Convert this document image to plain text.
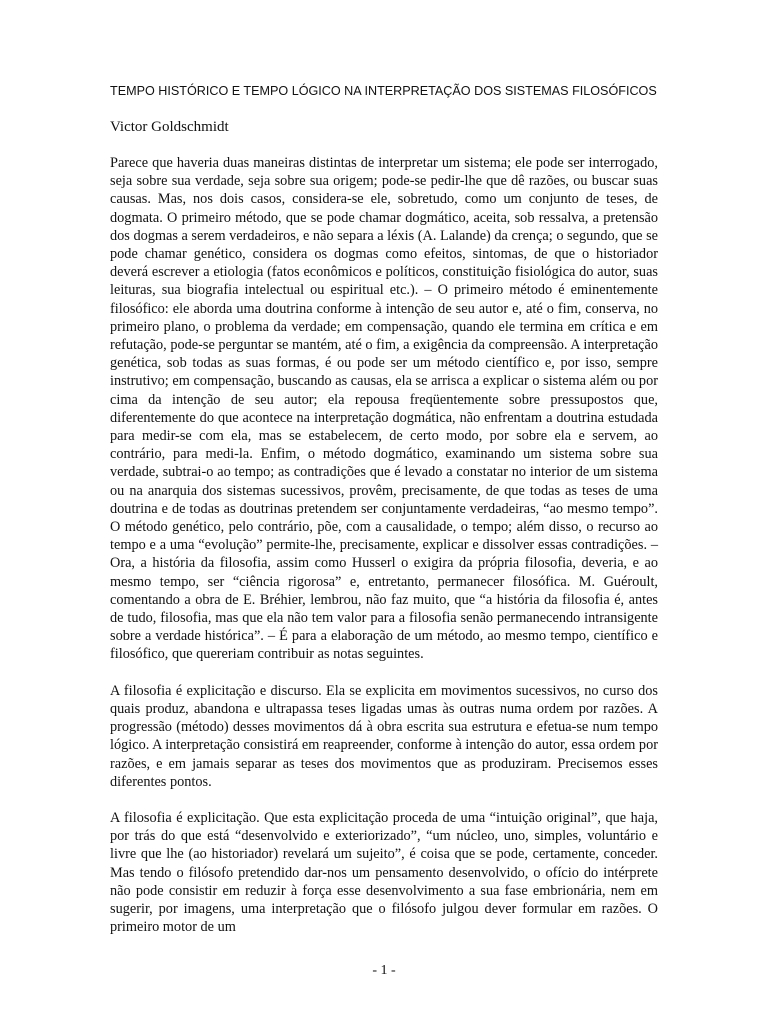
TEMPO HISTÓRICO E TEMPO LÓGICO NA INTERPRETAÇÃO DOS SISTEMAS FILOSÓFICOS
Victor Goldschmidt

Parece que haveria duas maneiras distintas de interpretar um sistema; ele pode ser interrogado, seja sobre sua verdade, seja sobre sua origem; pode-se pedir-lhe que dê razões, ou buscar suas causas. Mas, nos dois casos, considera-se ele, sobretudo, como um conjunto de teses, de dogmata. O primeiro método, que se pode chamar dogmático, aceita, sob ressalva, a pretensão dos dogmas a serem verdadeiros, e não separa a léxis (A. Lalande) da crença; o segundo, que se pode chamar genético, considera os dogmas como efeitos, sintomas, de que o historiador deverá escrever a etiologia (fatos econômicos e políticos, constituição fisiológica do autor, suas leituras, sua biografia intelectual ou espiritual etc.). – O primeiro método é eminentemente filosófico: ele aborda uma doutrina conforme à intenção de seu autor e, até o fim, conserva, no primeiro plano, o problema da verdade; em compensação, quando ele termina em crítica e em refutação, pode-se perguntar se mantém, até o fim, a exigência da compreensão. A interpretação genética, sob todas as suas formas, é ou pode ser um método científico e, por isso, sempre instrutivo; em compensação, buscando as causas, ela se arrisca a explicar o sistema além ou por cima da intenção de seu autor; ela repousa freqüentemente sobre pressupostos que, diferentemente do que acontece na interpretação dogmática, não enfrentam a doutrina estudada para medir-se com ela, mas se estabelecem, de certo modo, por sobre ela e servem, ao contrário, para medi-la. Enfim, o método dogmático, examinando um sistema sobre sua verdade, subtrai-o ao tempo; as contradições que é levado a constatar no interior de um sistema ou na anarquia dos sistemas sucessivos, provêm, precisamente, de que todas as teses de uma doutrina e de todas as doutrinas pretendem ser conjuntamente verdadeiras, “ao mesmo tempo”. O método genético, pelo contrário, põe, com a causalidade, o tempo; além disso, o recurso ao tempo e a uma “evolução” permite-lhe, precisamente, explicar e dissolver essas contradições. – Ora, a história da filosofia, assim como Husserl o exigira da própria filosofia, deveria, e ao mesmo tempo, ser “ciência rigorosa” e, entretanto, permanecer filosófica. M. Guéroult, comentando a obra de E. Bréhier, lembrou, não faz muito, que “a história da filosofia é, antes de tudo, filosofia, mas que ela não tem valor para a filosofia senão permanecendo intransigente sobre a verdade histórica”. – É para a elaboração de um método, ao mesmo tempo, científico e filosófico, que quereriam contribuir as notas seguintes.

A filosofia é explicitação e discurso. Ela se explicita em movimentos sucessivos, no curso dos quais produz, abandona e ultrapassa teses ligadas umas às outras numa ordem por razões. A progressão (método) desses movimentos dá à obra escrita sua estrutura e efetua-se num tempo lógico. A interpretação consistirá em reapreender, conforme à intenção do autor, essa ordem por razões, e em jamais separar as teses dos movimentos que as produziram. Precisemos esses diferentes pontos.

A filosofia é explicitação. Que esta explicitação proceda de uma “intuição original”, que haja, por trás do que está “desenvolvido e exteriorizado”, “um núcleo, uno, simples, voluntário e livre que lhe (ao historiador) revelará um sujeito”, é coisa que se pode, certamente, conceder. Mas tendo o filósofo pretendido dar-nos um pensamento desenvolvido, o ofício do intérprete não pode consistir em reduzir à força esse desenvolvimento a sua fase embrionária, nem em sugerir, por imagens, uma interpretação que o filósofo julgou dever formular em razões. O primeiro motor de um

- 1 -
